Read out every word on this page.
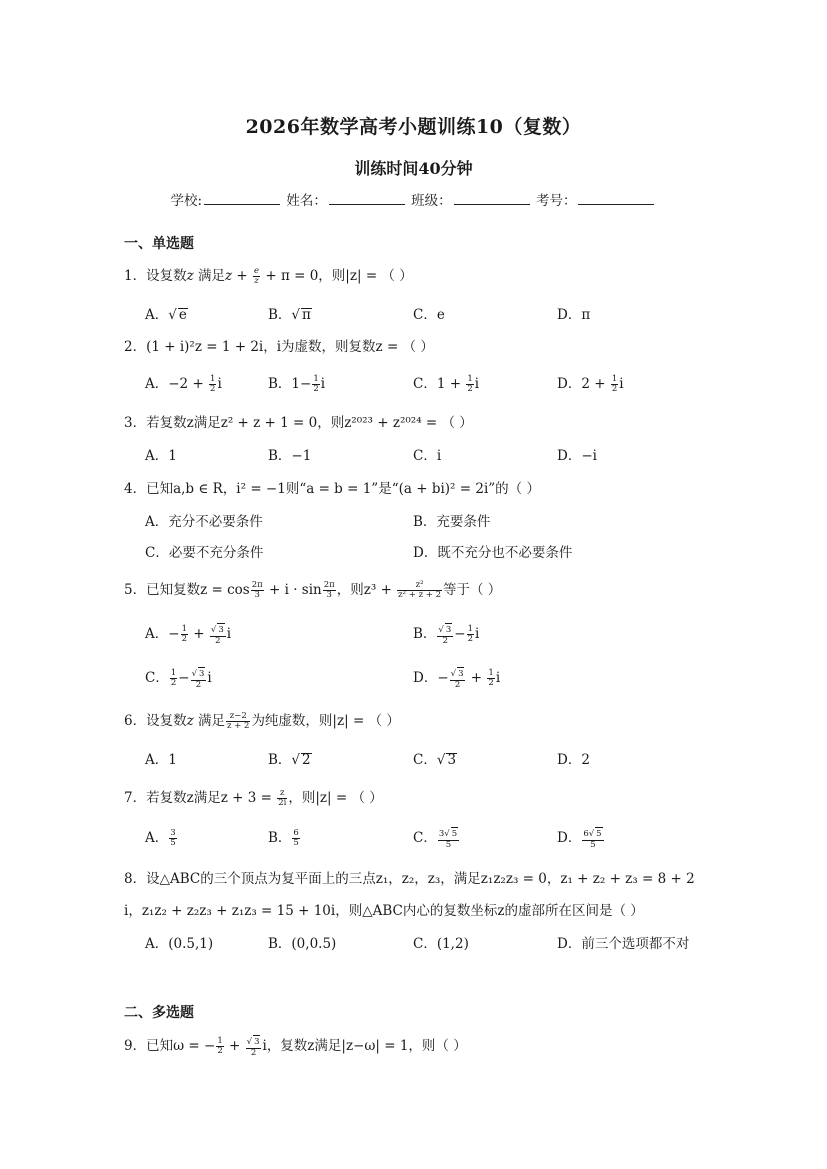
2026年数学高考小题训练10（复数）
训练时间40分钟
学校:	姓名：	班级：	考号：
一、单选题
1．设复数z 满足$z + \frac{e}{z} + \pi = 0$，则|z| = （ ）
A．√ e	B．√ π	C．e	D．π
2．(1 + i)²z = 1 + 2i，i为虚数，则复数z = （ ）
A．$-2 + \frac{1}{2}$ i	B．$1- \frac{1}{2}$ i	C．$1 + \frac{1}{2}$ i	D．$2 + \frac{1}{2}$ i
3．若复数z满足z² + z + 1 = 0，则z²⁰²³ + z²⁰²⁴ = （ ）
A．1	B．−1	C．i	D．−i
4．已知a,b ∈ R，i² = −1则“a = b = 1”是“(a + bi)² = 2i”的（ ）
A．充分不必要条件	B．充要条件
C．必要不充分条件	D．既不充分也不必要条件
5．已知复数$z = \cos \frac{2\pi}{3} + i \cdot \sin \frac{2\pi}{3}$ ，则$z^3 + \frac{\text{z²}}{\text{z² + z + 2}}$ 等于（ ）
A．− $\frac{1}{2} + \frac{√ 3}{2}$ i	B． $\frac{√ 3}{2} - \frac{1}{2}$ i
C． $\frac{1}{2} - \frac{√ 3}{2}$ i	D．− $\frac{√ 3}{2} + \frac{1}{2}$ i
6．设复数z 满足 $\frac{z-2}{z + 2}$ 为纯虚数，则|z| = （ ）
A．1	B．√ 2	C．√ 3	D．2
7．若复数z满足$z + 3 = \frac{z}{2i}$ ，则|z| = （ ）
A． $\frac{3}{5}$	B． $\frac{6}{5}$	C． $\frac{3√ 5}{5}$	D． $\frac{6√ 5}{5}$
8．设△ABC的三个顶点为复平面上的三点z₁，z₂，z₃，满足z₁z₂z₃ = 0，z₁ + z₂ + z₃ = 8 + 2
i，z₁z₂ + z₂z₃ + z₁z₃ = 15 + 10i，则△ABC内心的复数坐标z的虚部所在区间是（ ）
A．(0.5,1)	B．(0,0.5)	C．(1,2)	D．前三个选项都不对
二、多选题
9．已知ω = − $\frac{1}{2} + \frac{√ 3}{2}$ i，复数z满足|z−ω| = 1，则（ ）
